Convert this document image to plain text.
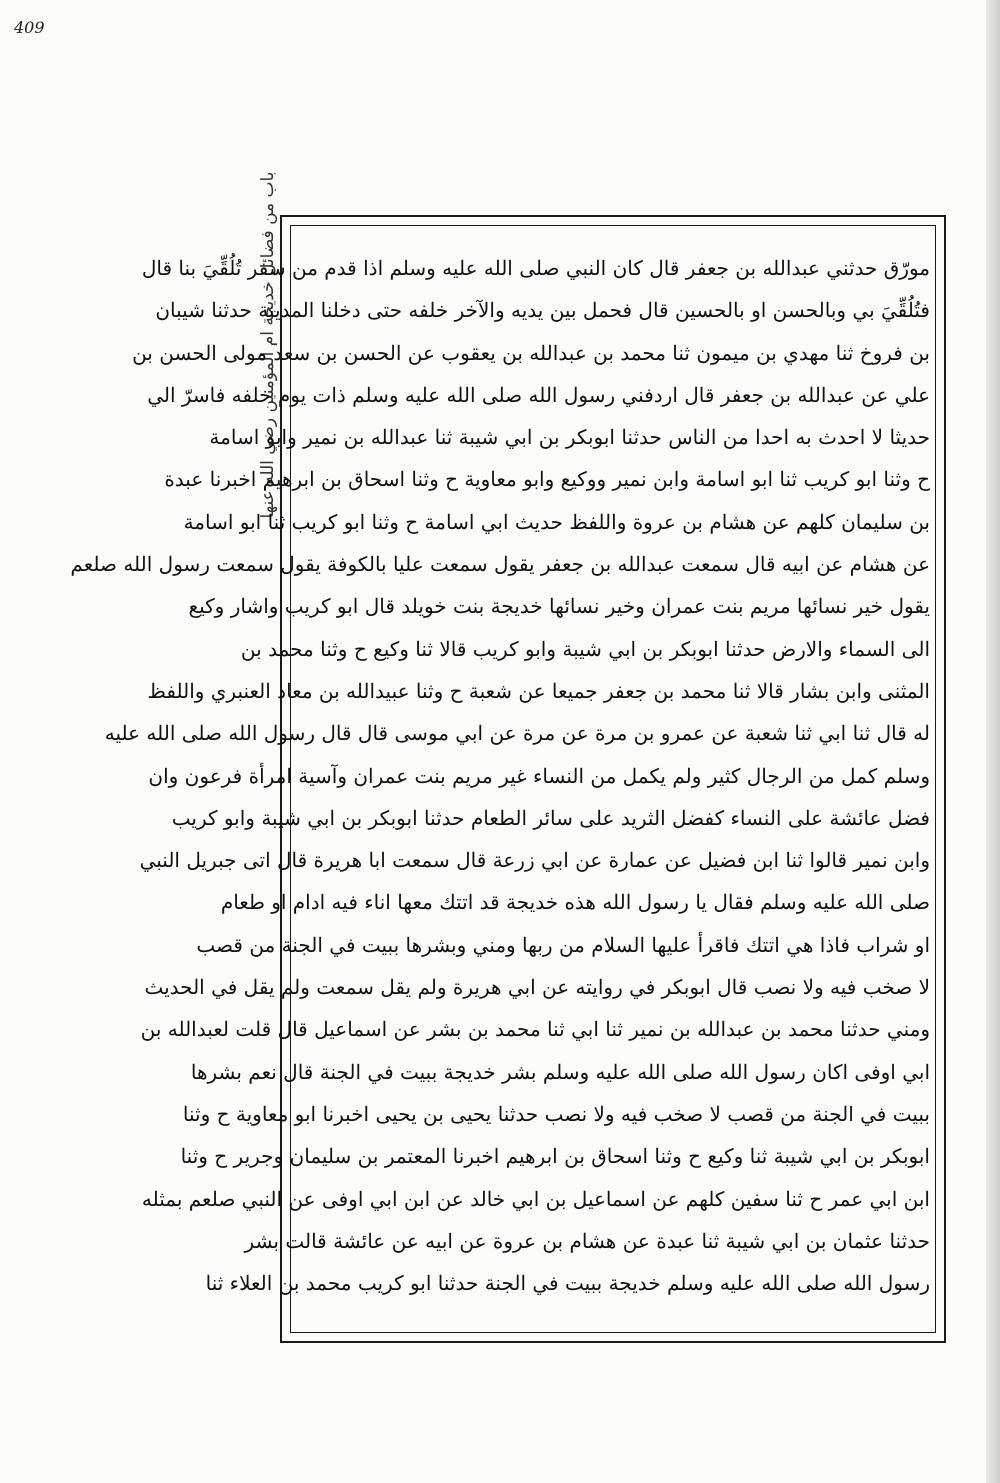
409
باب من فضائل خديجة ام المؤمنين رضي الله عنها
مورّق حدثني عبدالله بن جعفر قال كان النبي صلى الله عليه وسلم اذا قدم من سفر تُلُقِّيَ بنا قال
فتُلُقِّيَ بي وبالحسن او بالحسين قال فحمل بين يديه والآخر خلفه حتى دخلنا المدينة حدثنا شيبان
بن فروخ ثنا مهدي بن ميمون ثنا محمد بن عبدالله بن يعقوب عن الحسن بن سعد مولى الحسن بن
علي عن عبدالله بن جعفر قال اردفني رسول الله صلى الله عليه وسلم ذات يوم خلفه فاسرّ الي
حديثا لا احدث به احدا من الناس حدثنا ابوبكر بن ابي شيبة ثنا عبدالله بن نمير وابو اسامة
ح وثنا ابو كريب ثنا ابو اسامة وابن نمير ووكيع وابو معاوية ح وثنا اسحاق بن ابرهيم اخبرنا عبدة
بن سليمان كلهم عن هشام بن عروة واللفظ حديث ابي اسامة ح وثنا ابو كريب ثنا ابو اسامة
عن هشام عن ابيه قال سمعت عبدالله بن جعفر يقول سمعت عليا بالكوفة يقول سمعت رسول الله صلعم
يقول خير نسائها مريم بنت عمران وخير نسائها خديجة بنت خويلد قال ابو كريب واشار وكيع
الى السماء والارض حدثنا ابوبكر بن ابي شيبة وابو كريب قالا ثنا وكيع ح وثنا محمد بن
المثنى وابن بشار قالا ثنا محمد بن جعفر جميعا عن شعبة ح وثنا عبيدالله بن معاذ العنبري واللفظ
له قال ثنا ابي ثنا شعبة عن عمرو بن مرة عن مرة عن ابي موسى قال قال رسول الله صلى الله عليه
وسلم كمل من الرجال كثير ولم يكمل من النساء غير مريم بنت عمران وآسية امرأة فرعون وان
فضل عائشة على النساء كفضل الثريد على سائر الطعام حدثنا ابوبكر بن ابي شيبة وابو كريب
وابن نمير قالوا ثنا ابن فضيل عن عمارة عن ابي زرعة قال سمعت ابا هريرة قال اتى جبريل النبي
صلى الله عليه وسلم فقال يا رسول الله هذه خديجة قد اتتك معها اناء فيه ادام او طعام
او شراب فاذا هي اتتك فاقرأ عليها السلام من ربها ومني وبشرها ببيت في الجنة من قصب
لا صخب فيه ولا نصب قال ابوبكر في روايته عن ابي هريرة ولم يقل سمعت ولم يقل في الحديث
ومني حدثنا محمد بن عبدالله بن نمير ثنا ابي ثنا محمد بن بشر عن اسماعيل قال قلت لعبدالله بن
ابي اوفى اكان رسول الله صلى الله عليه وسلم بشر خديجة ببيت في الجنة قال نعم بشرها
ببيت في الجنة من قصب لا صخب فيه ولا نصب حدثنا يحيى بن يحيى اخبرنا ابو معاوية ح وثنا
ابوبكر بن ابي شيبة ثنا وكيع ح وثنا اسحاق بن ابرهيم اخبرنا المعتمر بن سليمان وجرير ح وثنا
ابن ابي عمر ح ثنا سفين كلهم عن اسماعيل بن ابي خالد عن ابن ابي اوفى عن النبي صلعم بمثله
حدثنا عثمان بن ابي شيبة ثنا عبدة عن هشام بن عروة عن ابيه عن عائشة قالت بشر
رسول الله صلى الله عليه وسلم خديجة ببيت في الجنة حدثنا ابو كريب محمد بن العلاء ثنا
